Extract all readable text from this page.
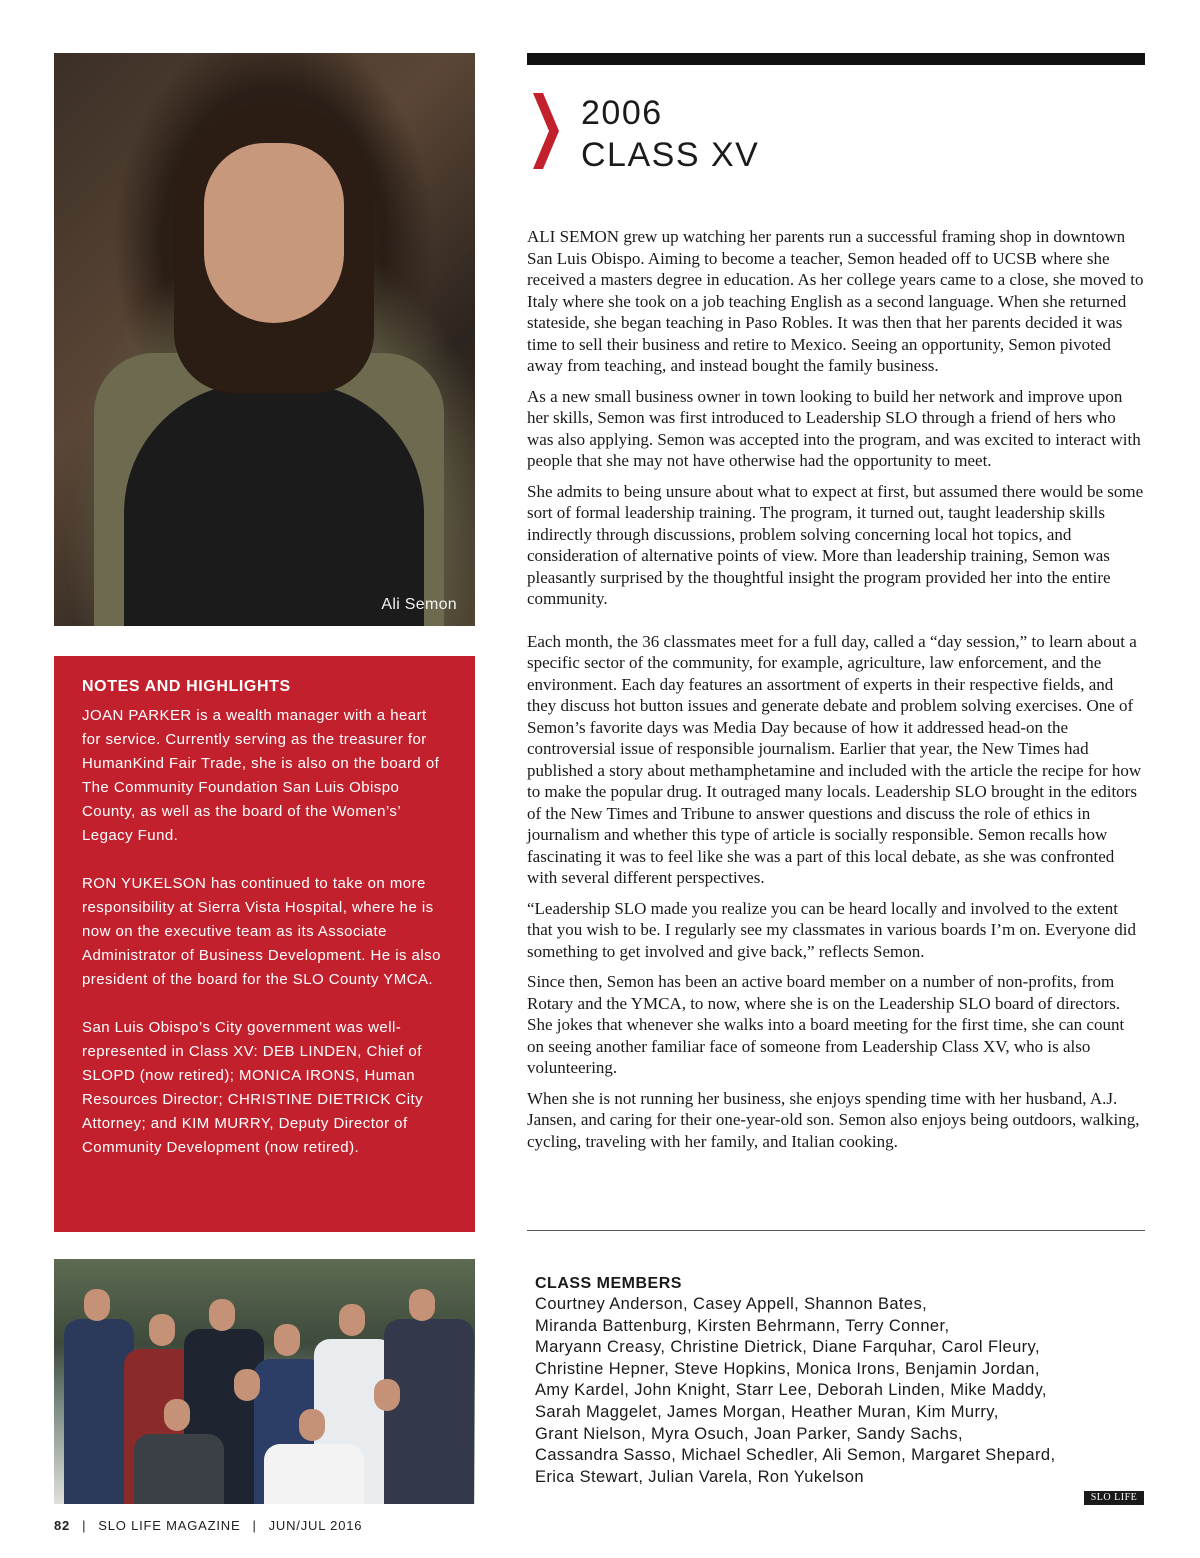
Ali Semon
NOTES AND HIGHLIGHTS

JOAN PARKER is a wealth manager with a heart for service. Currently serving as the treasurer for HumanKind Fair Trade, she is also on the board of The Community Foundation San Luis Obispo County, as well as the board of the Women’s’ Legacy Fund.

RON YUKELSON has continued to take on more responsibility at Sierra Vista Hospital, where he is now on the executive team as its Associate Administrator of Business Development. He is also president of the board for the SLO County YMCA.

San Luis Obispo’s City government was well-represented in Class XV: DEB LINDEN, Chief of SLOPD (now retired); MONICA IRONS, Human Resources Director; CHRISTINE DIETRICK City Attorney; and KIM MURRY, Deputy Director of Community Development (now retired).

2006
CLASS XV

ALI SEMON grew up watching her parents run a successful framing shop in downtown San Luis Obispo. Aiming to become a teacher, Semon headed off to UCSB where she received a masters degree in education. As her college years came to a close, she moved to Italy where she took on a job teaching English as a second language. When she returned stateside, she began teaching in Paso Robles. It was then that her parents decided it was time to sell their business and retire to Mexico. Seeing an opportunity, Semon pivoted away from teaching, and instead bought the family business.

As a new small business owner in town looking to build her network and improve upon her skills, Semon was first introduced to Leadership SLO through a friend of hers who was also applying. Semon was accepted into the program, and was excited to interact with people that she may not have otherwise had the opportunity to meet.

She admits to being unsure about what to expect at first, but assumed there would be some sort of formal leadership training. The program, it turned out, taught leadership skills indirectly through discussions, problem solving concerning local hot topics, and consideration of alternative points of view. More than leadership training, Semon was pleasantly surprised by the thoughtful insight the program provided her into the entire community.

Each month, the 36 classmates meet for a full day, called a “day session,” to learn about a specific sector of the community, for example, agriculture, law enforcement, and the environment. Each day features an assortment of experts in their respective fields, and they discuss hot button issues and generate debate and problem solving exercises. One of Semon’s favorite days was Media Day because of how it addressed head-on the controversial issue of responsible journalism. Earlier that year, the New Times had published a story about methamphetamine and included with the article the recipe for how to make the popular drug. It outraged many locals. Leadership SLO brought in the editors of the New Times and Tribune to answer questions and discuss the role of ethics in journalism and whether this type of article is socially responsible. Semon recalls how fascinating it was to feel like she was a part of this local debate, as she was confronted with several different perspectives.

“Leadership SLO made you realize you can be heard locally and involved to the extent that you wish to be. I regularly see my classmates in various boards I’m on. Everyone did something to get involved and give back,” reflects Semon.

Since then, Semon has been an active board member on a number of non-profits, from Rotary and the YMCA, to now, where she is on the Leadership SLO board of directors. She jokes that whenever she walks into a board meeting for the first time, she can count on seeing another familiar face of someone from Leadership Class XV, who is also volunteering.

When she is not running her business, she enjoys spending time with her husband, A.J. Jansen, and caring for their one-year-old son. Semon also enjoys being outdoors, walking, cycling, traveling with her family, and Italian cooking.

CLASS MEMBERS

Courtney Anderson, Casey Appell, Shannon Bates,

Miranda Battenburg, Kirsten Behrmann, Terry Conner,

Maryann Creasy, Christine Dietrick, Diane Farquhar, Carol Fleury,

Christine Hepner, Steve Hopkins, Monica Irons, Benjamin Jordan,

Amy Kardel, John Knight, Starr Lee, Deborah Linden, Mike Maddy,

Sarah Maggelet, James Morgan, Heather Muran, Kim Murry,

Grant Nielson, Myra Osuch, Joan Parker, Sandy Sachs,

Cassandra Sasso, Michael Schedler, Ali Semon, Margaret Shepard,

Erica Stewart, Julian Varela, Ron Yukelson

SLO LIFE
82 | SLO LIFE MAGAZINE | JUN/JUL 2016
